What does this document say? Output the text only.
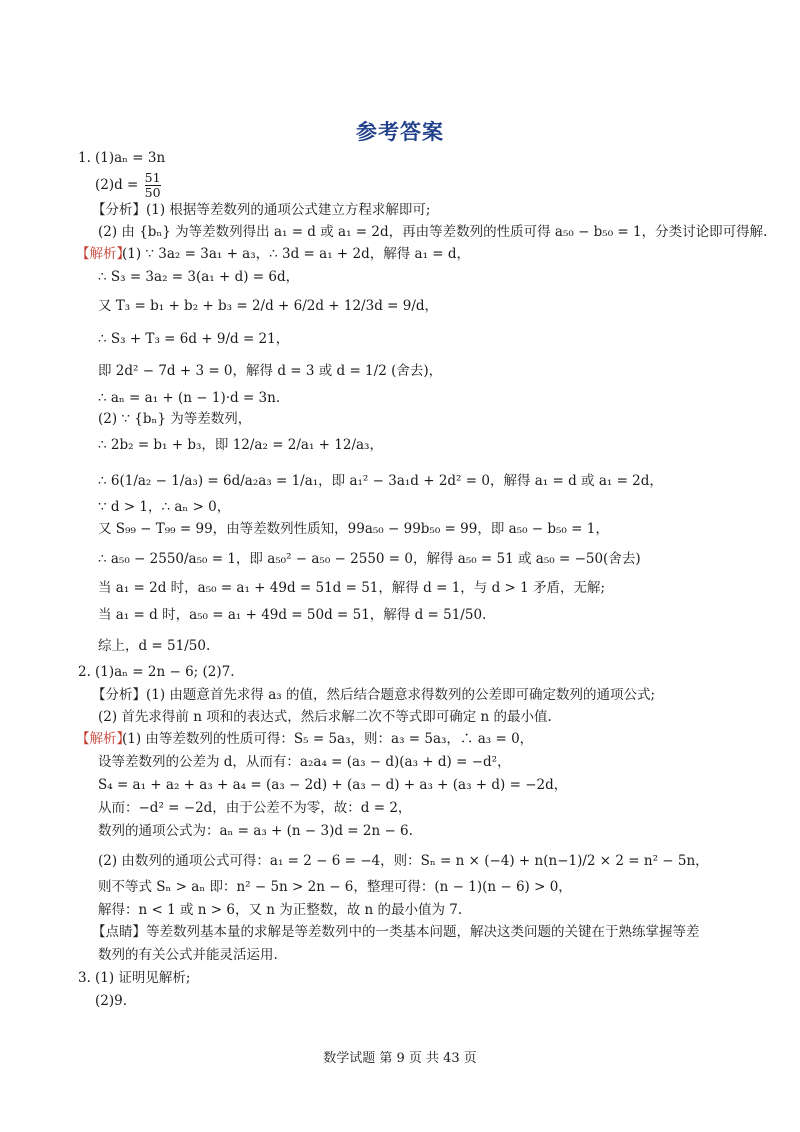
参考答案
1. (1)aₙ = 3n
$(2)d = \frac{51}{50}$
【分析】(1) 根据等差数列的通项公式建立方程求解即可;
(2) 由 {bₙ} 为等差数列得出 a₁ = d 或 a₁ = 2d，再由等差数列的性质可得 a₅₀ − b₅₀ = 1，分类讨论即可得解.
【解析】
(1) ∵ 3a₂ = 3a₁ + a₃，∴ 3d = a₁ + 2d，解得 a₁ = d，
∴ S₃ = 3a₂ = 3(a₁ + d) = 6d，
又 T₃ = b₁ + b₂ + b₃ = 2/d + 6/2d + 12/3d = 9/d，
∴ S₃ + T₃ = 6d + 9/d = 21，
即 2d² − 7d + 3 = 0，解得 d = 3 或 d = 1/2 (舍去)，
∴ aₙ = a₁ + (n − 1)·d = 3n.
(2) ∵ {bₙ} 为等差数列，
∴ 2b₂ = b₁ + b₃，即 12/a₂ = 2/a₁ + 12/a₃，
∴ 6(1/a₂ − 1/a₃) = 6d/a₂a₃ = 1/a₁，即 a₁² − 3a₁d + 2d² = 0，解得 a₁ = d 或 a₁ = 2d，
∵ d > 1，∴ aₙ > 0，
又 S₉₉ − T₉₉ = 99，由等差数列性质知，99a₅₀ − 99b₅₀ = 99，即 a₅₀ − b₅₀ = 1，
∴ a₅₀ − 2550/a₅₀ = 1，即 a₅₀² − a₅₀ − 2550 = 0，解得 a₅₀ = 51 或 a₅₀ = −50(舍去)
当 a₁ = 2d 时，a₅₀ = a₁ + 49d = 51d = 51，解得 d = 1，与 d > 1 矛盾，无解;
当 a₁ = d 时，a₅₀ = a₁ + 49d = 50d = 51，解得 d = 51/50.
综上，d = 51/50.
2. (1)aₙ = 2n − 6; (2)7.
【分析】(1) 由题意首先求得 a₃ 的值，然后结合题意求得数列的公差即可确定数列的通项公式;
(2) 首先求得前 n 项和的表达式，然后求解二次不等式即可确定 n 的最小值.
【解析】
(1) 由等差数列的性质可得：S₅ = 5a₃，则：a₃ = 5a₃，∴ a₃ = 0，
设等差数列的公差为 d，从而有：a₂a₄ = (a₃ − d)(a₃ + d) = −d²，
S₄ = a₁ + a₂ + a₃ + a₄ = (a₃ − 2d) + (a₃ − d) + a₃ + (a₃ + d) = −2d，
从而：−d² = −2d，由于公差不为零，故：d = 2，
数列的通项公式为：aₙ = a₃ + (n − 3)d = 2n − 6.
(2) 由数列的通项公式可得：a₁ = 2 − 6 = −4，则：Sₙ = n × (−4) + n(n−1)/2 × 2 = n² − 5n，
则不等式 Sₙ > aₙ 即：n² − 5n > 2n − 6，整理可得：(n − 1)(n − 6) > 0，
解得：n < 1 或 n > 6，又 n 为正整数，故 n 的最小值为 7.
【点睛】等差数列基本量的求解是等差数列中的一类基本问题，解决这类问题的关键在于熟练掌握等差
数列的有关公式并能灵活运用.
3. (1) 证明见解析;
(2)9.
数学试题 第 9 页 共 43 页
